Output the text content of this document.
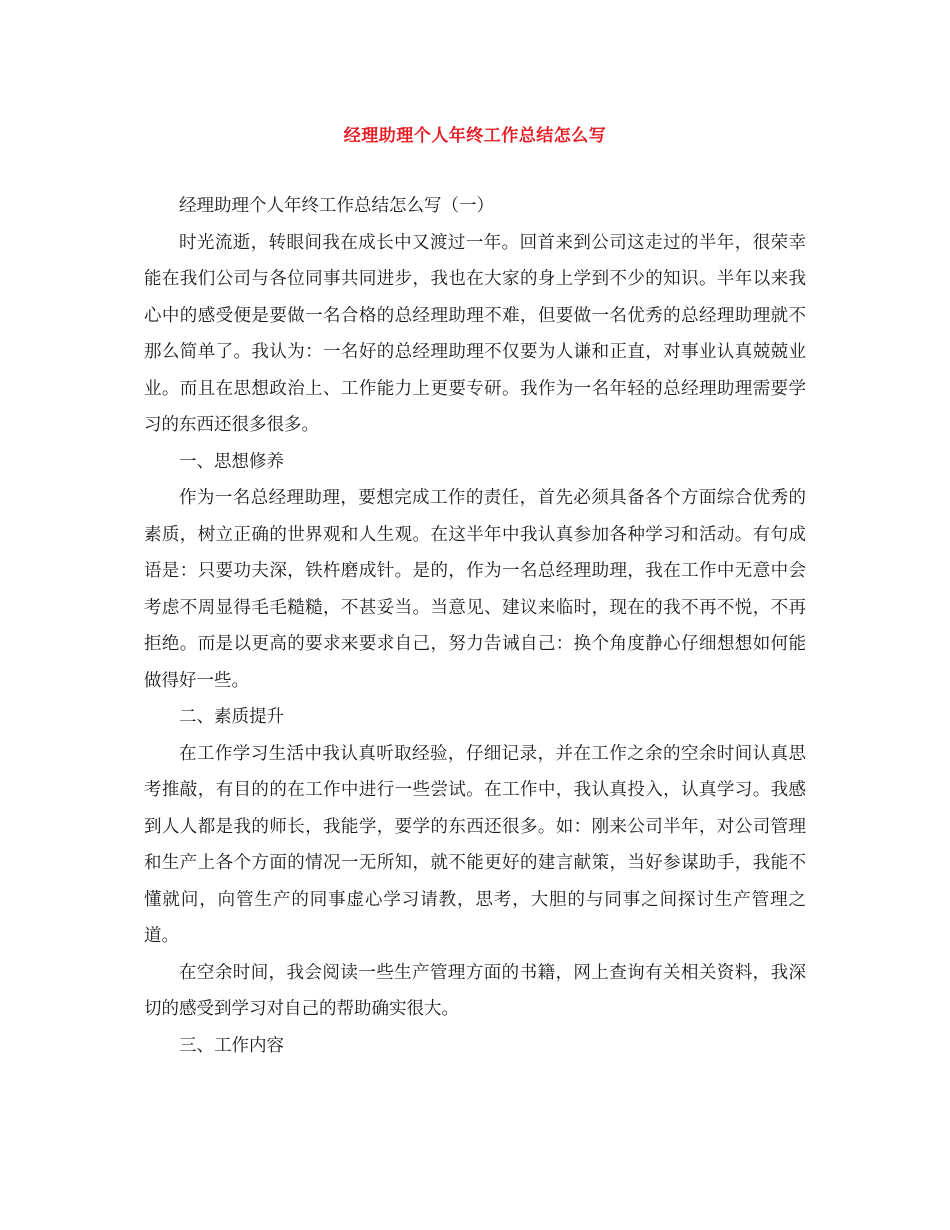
经理助理个人年终工作总结怎么写

经理助理个人年终工作总结怎么写（一）

时光流逝，转眼间我在成长中又渡过一年。回首来到公司这走过的半年，很荣幸能在我们公司与各位同事共同进步，我也在大家的身上学到不少的知识。半年以来我心中的感受便是要做一名合格的总经理助理不难，但要做一名优秀的总经理助理就不那么简单了。我认为：一名好的总经理助理不仅要为人谦和正直，对事业认真兢兢业业。而且在思想政治上、工作能力上更要专研。我作为一名年轻的总经理助理需要学习的东西还很多很多。

一、思想修养

作为一名总经理助理，要想完成工作的责任，首先必须具备各个方面综合优秀的素质，树立正确的世界观和人生观。在这半年中我认真参加各种学习和活动。有句成语是：只要功夫深，铁杵磨成针。是的，作为一名总经理助理，我在工作中无意中会考虑不周显得毛毛糙糙，不甚妥当。当意见、建议来临时，现在的我不再不悦，不再拒绝。而是以更高的要求来要求自己，努力告诫自己：换个角度静心仔细想想如何能做得好一些。

二、素质提升

在工作学习生活中我认真听取经验，仔细记录，并在工作之余的空余时间认真思考推敲，有目的的在工作中进行一些尝试。在工作中，我认真投入，认真学习。我感到人人都是我的师长，我能学，要学的东西还很多。如：刚来公司半年，对公司管理和生产上各个方面的情况一无所知，就不能更好的建言献策，当好参谋助手，我能不懂就问，向管生产的同事虚心学习请教，思考，大胆的与同事之间探讨生产管理之道。

在空余时间，我会阅读一些生产管理方面的书籍，网上查询有关相关资料，我深切的感受到学习对自己的帮助确实很大。

三、工作内容
